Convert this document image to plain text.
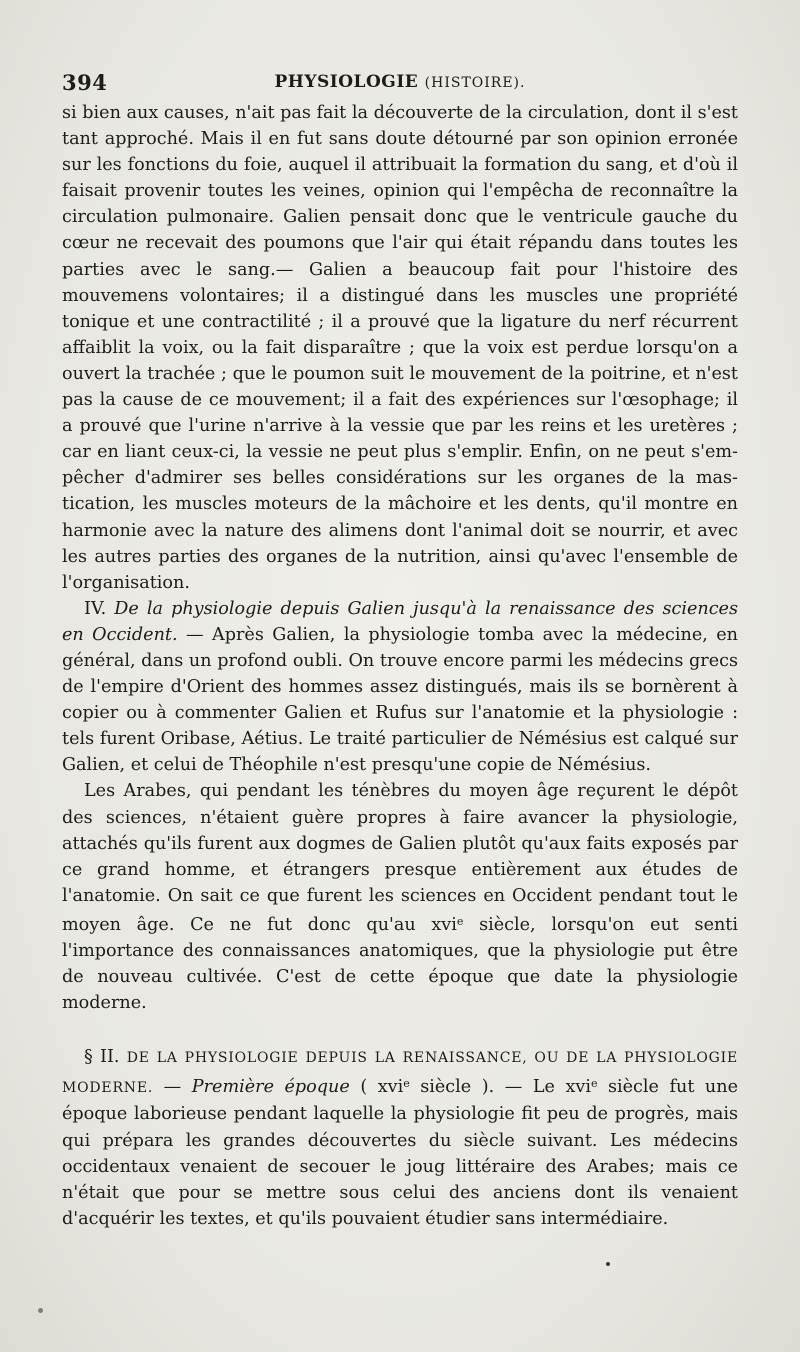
394	PHYSIOLOGIE (HISTOIRE).

si bien aux causes, n'ait pas fait la découverte de la circulation, dont il s'est tant approché. Mais il en fut sans doute détourné par son opinion erronée sur les fonctions du foie, auquel il attribuait la formation du sang, et d'où il faisait provenir toutes les veines, opinion qui l'empêcha de reconnaître la circulation pulmonaire. Galien pensait donc que le ventricule gauche du cœur ne recevait des poumons que l'air qui était répandu dans toutes les parties avec le sang.— Galien a beaucoup fait pour l'histoire des mouvemens volontaires; il a distingué dans les muscles une propriété tonique et une contractilité ; il a prouvé que la ligature du nerf récurrent affaiblit la voix, ou la fait disparaître ; que la voix est perdue lorsqu'on a ouvert la trachée ; que le poumon suit le mouvement de la poitrine, et n'est pas la cause de ce mouvement; il a fait des expériences sur l'œsophage; il a prouvé que l'urine n'arrive à la vessie que par les reins et les uretères ; car en liant ceux-ci, la vessie ne peut plus s'emplir. Enfin, on ne peut s'empêcher d'admirer ses belles considérations sur les organes de la mastication, les muscles moteurs de la mâchoire et les dents, qu'il montre en harmonie avec la nature des alimens dont l'animal doit se nourrir, et avec les autres parties des organes de la nutrition, ainsi qu'avec l'ensemble de l'organisation.

IV. De la physiologie depuis Galien jusqu'à la renaissance des sciences en Occident. — Après Galien, la physiologie tomba avec la médecine, en général, dans un profond oubli. On trouve encore parmi les médecins grecs de l'empire d'Orient des hommes assez distingués, mais ils se bornèrent à copier ou à commenter Galien et Rufus sur l'anatomie et la physiologie : tels furent Oribase, Aétius. Le traité particulier de Némésius est calqué sur Galien, et celui de Théophile n'est presqu'une copie de Némésius.

Les Arabes, qui pendant les ténèbres du moyen âge reçurent le dépôt des sciences, n'étaient guère propres à faire avancer la physiologie, attachés qu'ils furent aux dogmes de Galien plutôt qu'aux faits exposés par ce grand homme, et étrangers presque entièrement aux études de l'anatomie. On sait ce que furent les sciences en Occident pendant tout le moyen âge. Ce ne fut donc qu'au xvi$^e$ siècle, lorsqu'on eut senti l'importance des connaissances anatomiques, que la physiologie put être de nouveau cultivée. C'est de cette époque que date la physiologie moderne.

§ II. DE LA PHYSIOLOGIE DEPUIS LA RENAISSANCE, OU DE LA PHYSIOLOGIE MODERNE. — Première époque ( xvi$^e$ siècle ). — Le xvi$^e$ siècle fut une époque laborieuse pendant laquelle la physiologie fit peu de progrès, mais qui prépara les grandes découvertes du siècle suivant. Les médecins occidentaux venaient de secouer le joug littéraire des Arabes; mais ce n'était que pour se mettre sous celui des anciens dont ils venaient d'acquérir les textes, et qu'ils pouvaient étudier sans intermédiaire.
